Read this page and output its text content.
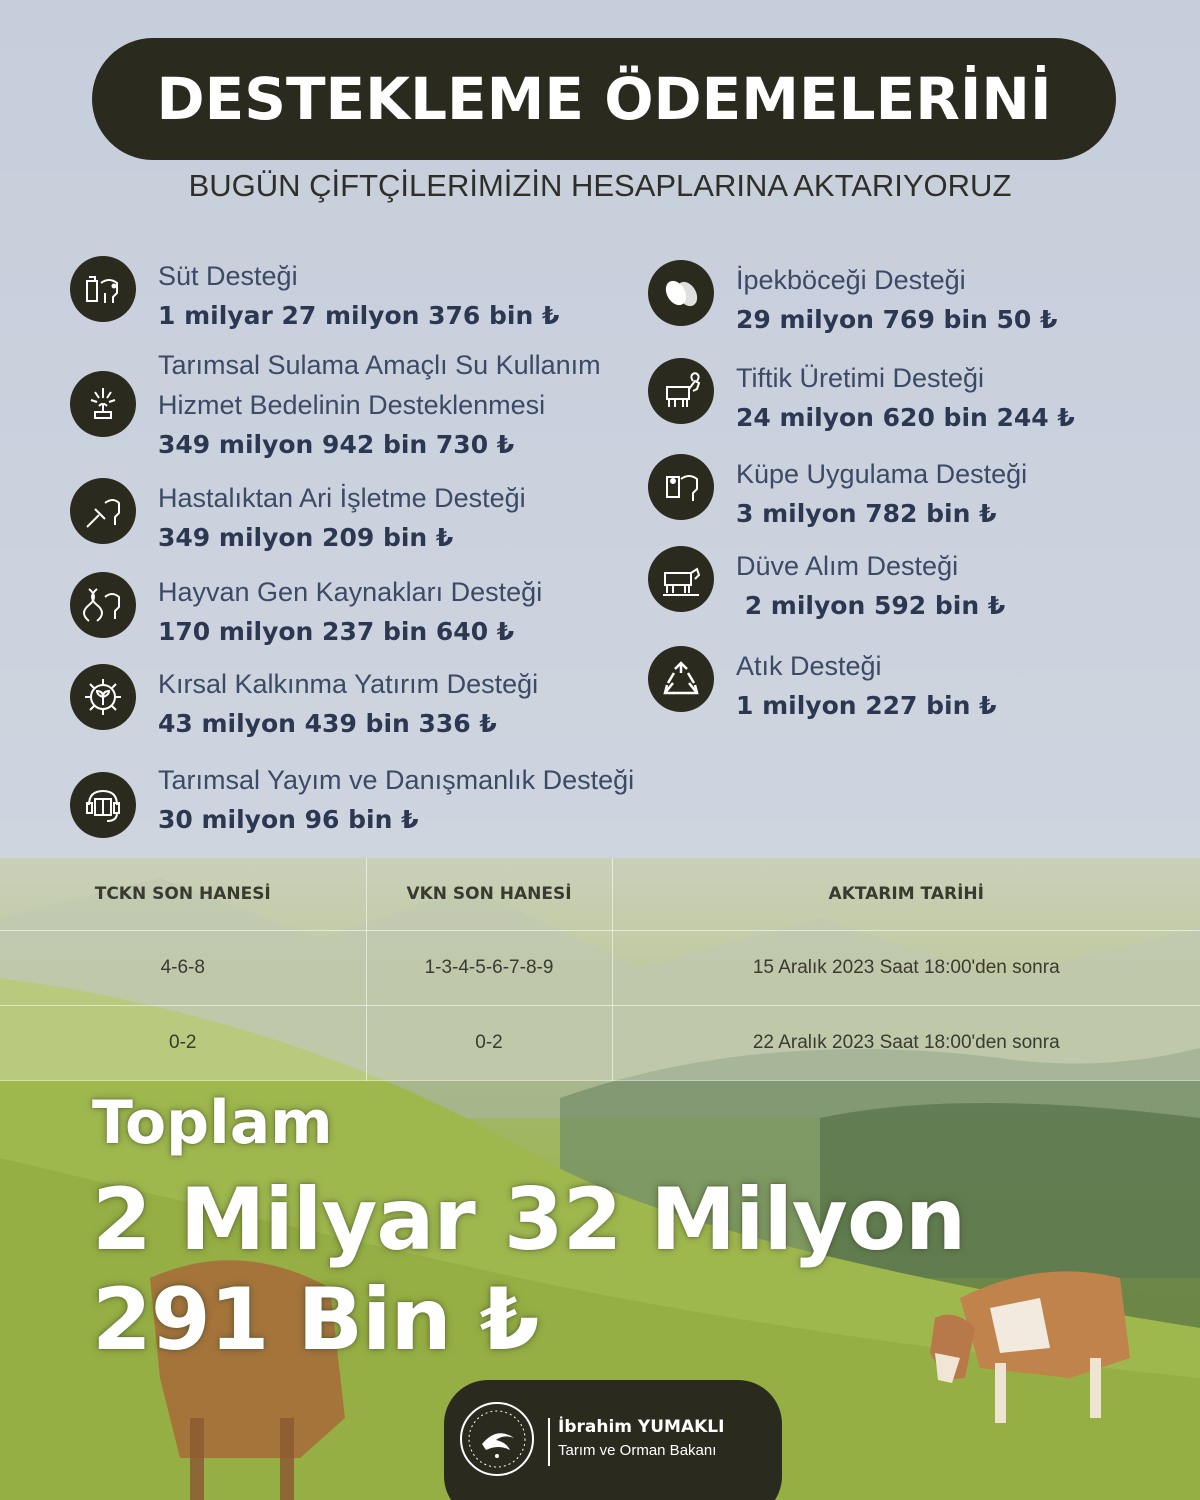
DESTEKLEME ÖDEMELERİNİ
BUGÜN ÇİFTÇİLERİMİZİN HESAPLARINA AKTARIYORUZ
Süt Desteği
1 milyar 27 milyon 376 bin ₺
Tarımsal Sulama Amaçlı Su Kullanım
Hizmet Bedelinin Desteklenmesi
349 milyon 942 bin 730 ₺
Hastalıktan Ari İşletme Desteği
349 milyon 209 bin ₺
Hayvan Gen Kaynakları Desteği
170 milyon 237 bin 640 ₺
Kırsal Kalkınma Yatırım Desteği
43 milyon 439 bin 336 ₺
Tarımsal Yayım ve Danışmanlık Desteği
30 milyon 96 bin ₺
İpekböceği Desteği
29 milyon 769 bin 50 ₺
Tiftik Üretimi Desteği
24 milyon 620 bin 244 ₺
Küpe Uygulama Desteği
3 milyon 782 bin ₺
Düve Alım Desteği
2 milyon 592 bin ₺
Atık Desteği
1 milyon 227 bin ₺
TCKN SON HANESİ	VKN SON HANESİ	AKTARIM TARİHİ
4-6-8	1-3-4-5-6-7-8-9	15 Aralık 2023 Saat 18:00'den sonra
0-2	0-2	22 Aralık 2023 Saat 18:00'den sonra
Toplam
2 Milyar 32 Milyon
291 Bin ₺
İbrahim YUMAKLI
Tarım ve Orman Bakanı
